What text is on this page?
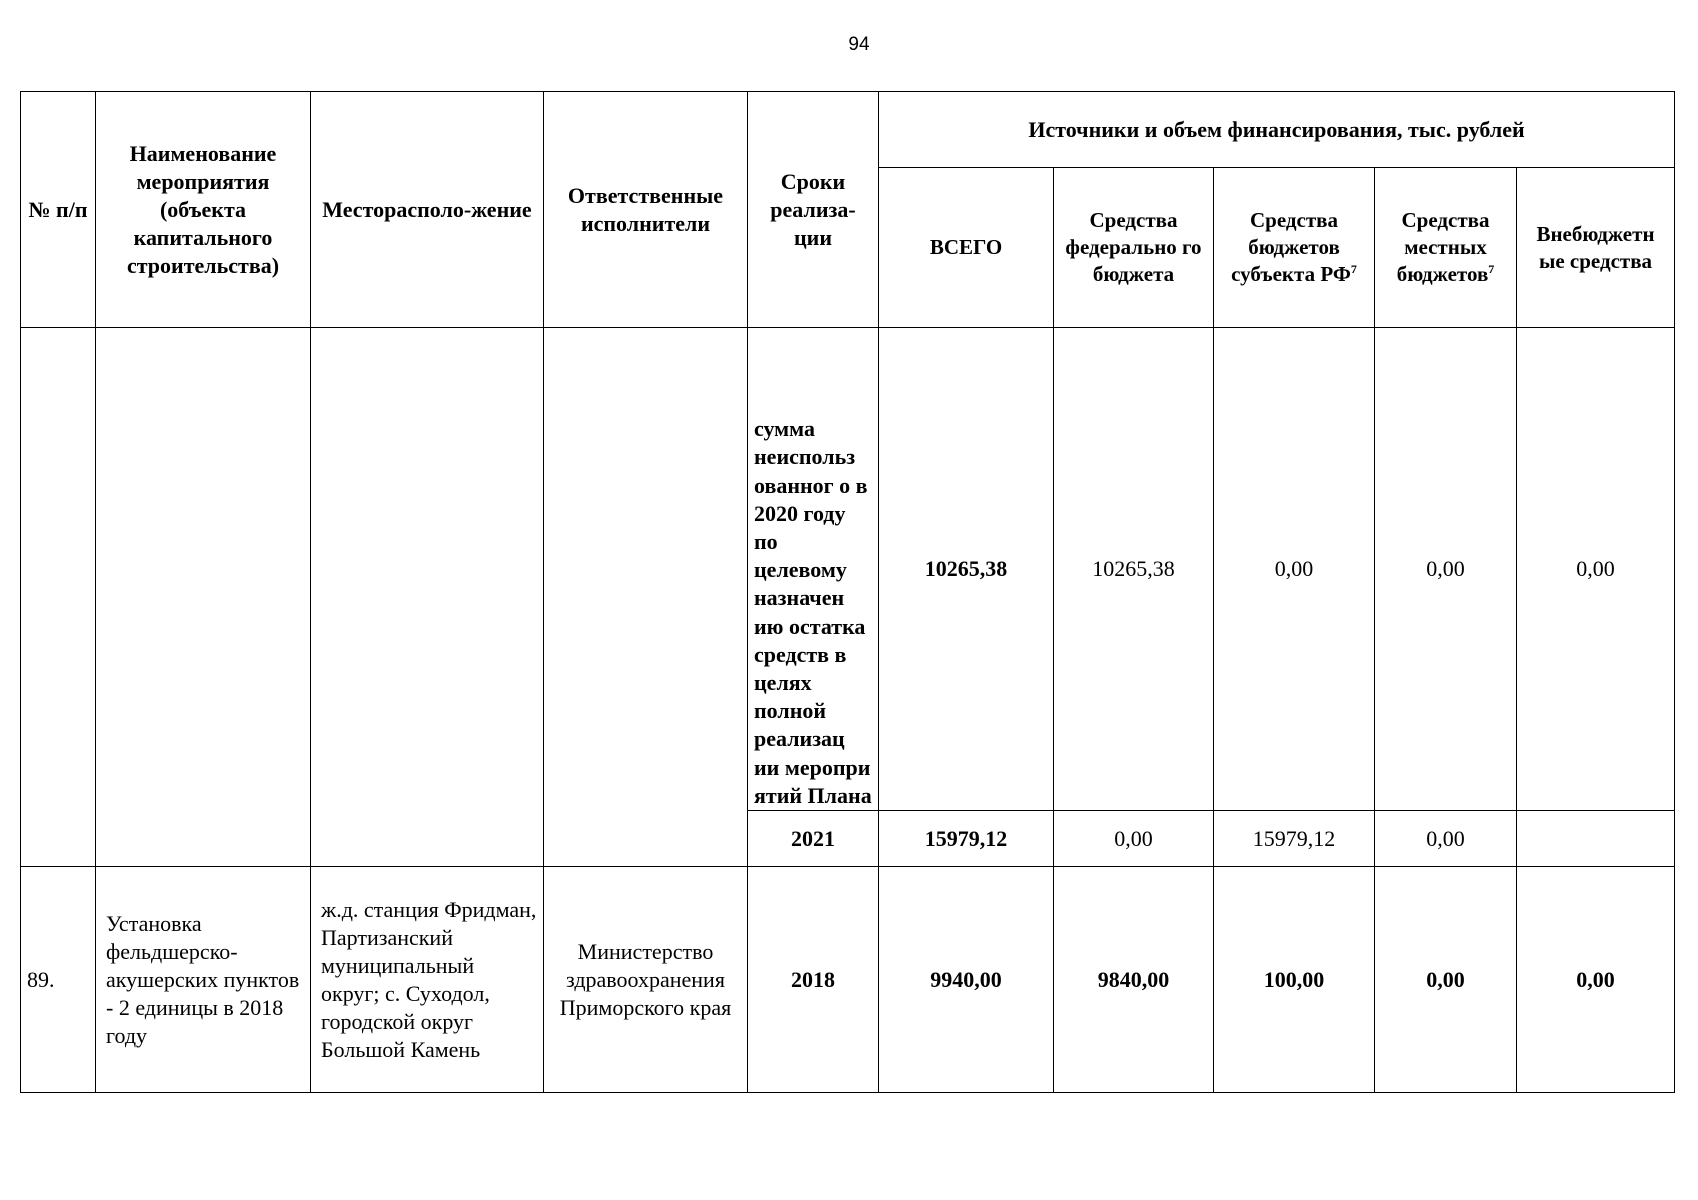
94
№ п/п	Наименование мероприятия (объекта капитального строительства)	Месторасполо-жение	Ответственные исполнители	Сроки реализа-ции	Источники и объем финансирования, тыс. рублей				
					ВСЕГО	Средства федерально го бюджета	Средства бюджетов субъекта $РФ^7$	Средства местных бюджетов$^7$	Внебюджетн ые средства
				сумма неиспольз ованног о в 2020 году по целевому назначен ию остатка средств в целях полной реализац ии меропри ятий Плана	10265,38	10265,38	0,00	0,00	0,00
				2021	15979,12	0,00	15979,12	0,00	
89.	Установка фельдшерско-акушерских пунктов - 2 единицы в 2018 году	ж.д. станция Фридман, Партизанский муниципальный округ; с. Суходол, городской округ Большой Камень	Министерство здравоохранения Приморского края	2018	9940,00	9840,00	100,00	0,00	0,00
